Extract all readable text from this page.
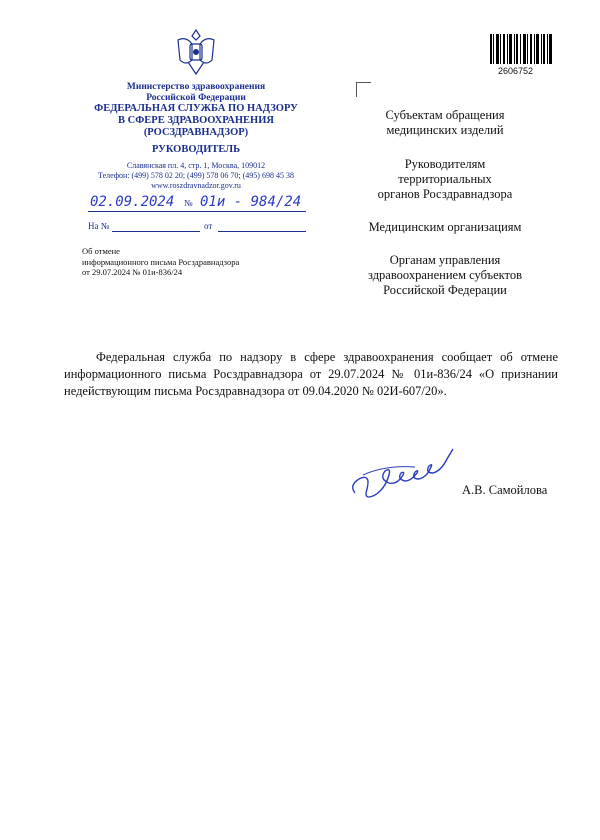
Министерство здравоохранения
Российской Федерации
ФЕДЕРАЛЬНАЯ СЛУЖБА ПО НАДЗОРУ
В СФЕРЕ ЗДРАВООХРАНЕНИЯ
(РОСЗДРАВНАДЗОР)
РУКОВОДИТЕЛЬ
Славянская пл. 4, стр. 1, Москва, 109012
Телефон: (499) 578 02 20; (499) 578 06 70; (495) 698 45 38
www.roszdravnadzor.gov.ru
02.09.2024 № 01и - 984/24
На №	от
Об отмене
информационного письма Росздравнадзора
от 29.07.2024 № 01и-836/24
2606752
Субъектам обращения
медицинских изделий
Руководителям
территориальных
органов Росздравнадзора
Медицинским организациям
Органам управления
здравоохранением субъектов
Российской Федерации
Федеральная служба по надзору в сфере здравоохранения сообщает об отмене информационного письма Росздравнадзора от 29.07.2024 № 01и-836/24 «О признании недействующим письма Росздравнадзора от 09.04.2020 № 02И-607/20».
А.В. Самойлова
